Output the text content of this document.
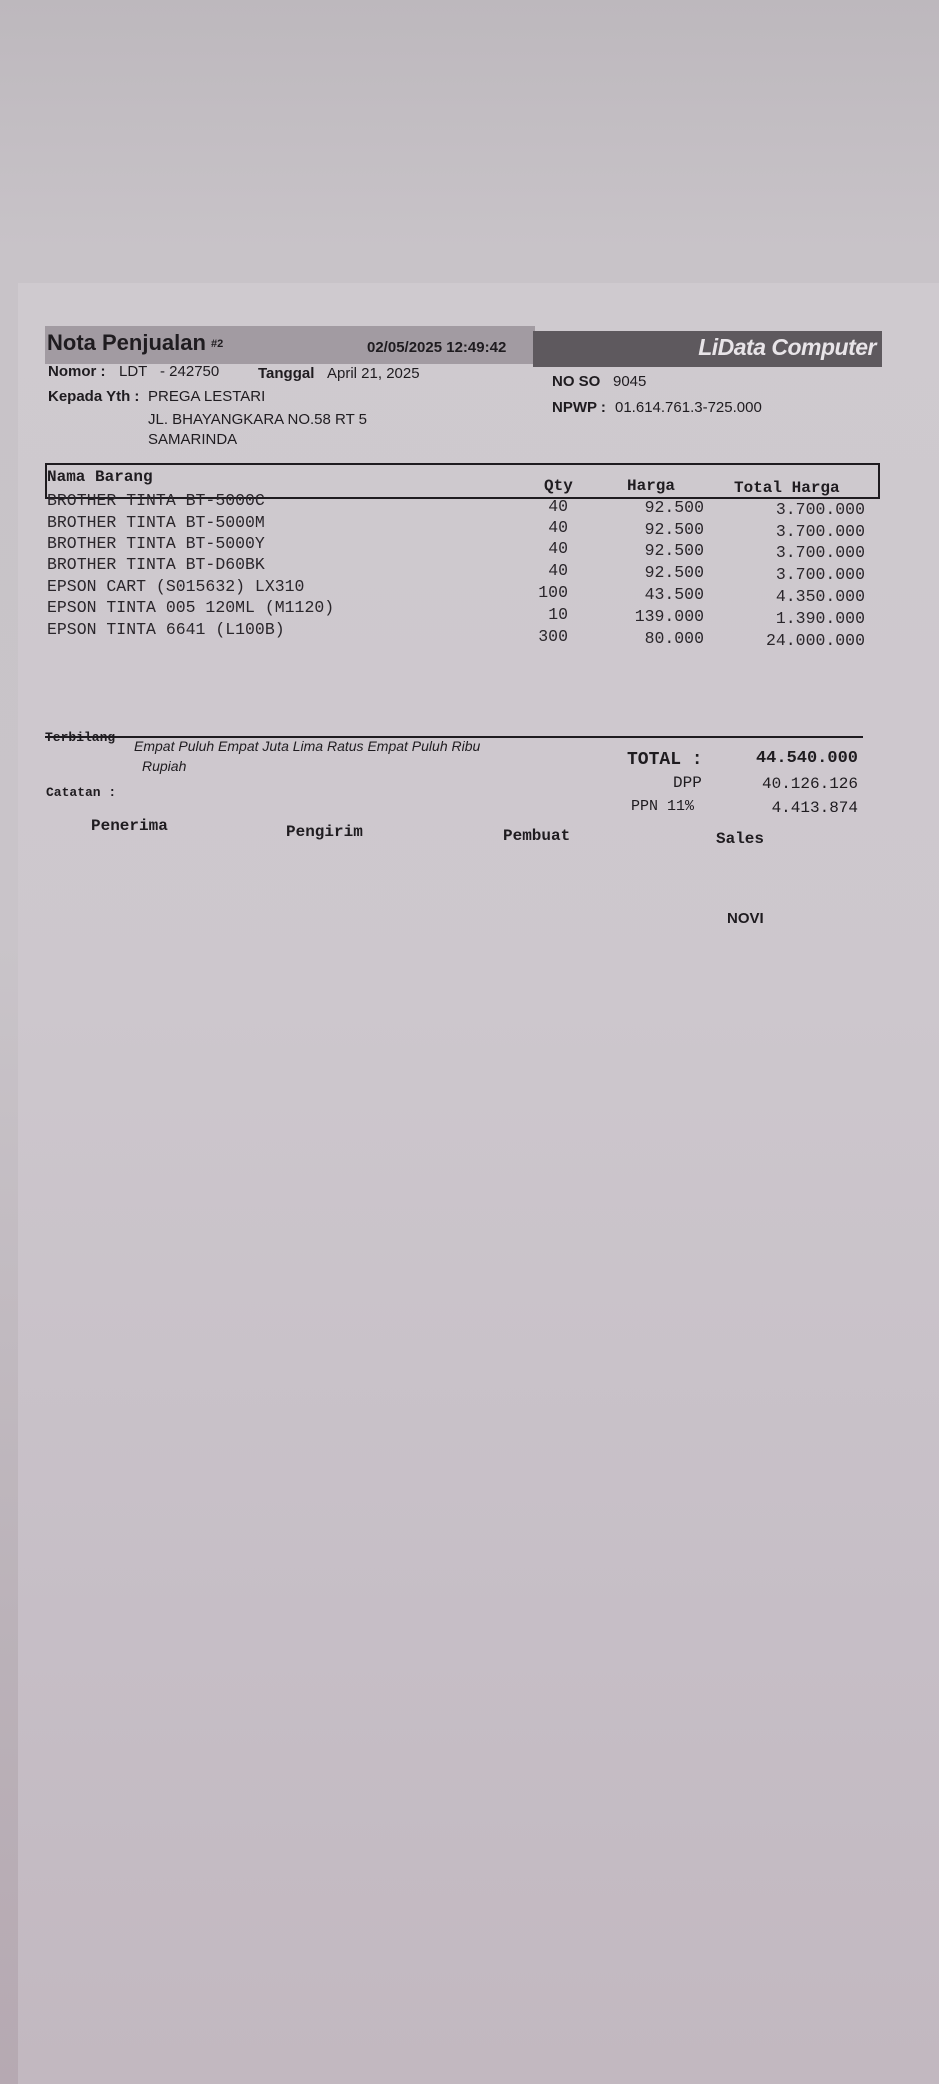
LiData Computer
Nota Penjualan #2	02/05/2025 12:49:42
Nomor : LDT - 242750	Tanggal April 21, 2025
Kepada Yth : PREGA LESTARI
JL. BHAYANGKARA NO.58 RT 5
SAMARINDA
NO SO 9045
NPWP : 01.614.761.3-725.000
Nama Barang	Qty	Harga	Total Harga
BROTHER TINTA BT-5000C	40	92.500	3.700.000
BROTHER TINTA BT-5000M	40	92.500	3.700.000
BROTHER TINTA BT-5000Y	40	92.500	3.700.000
BROTHER TINTA BT-D60BK	40	92.500	3.700.000
EPSON CART (S015632) LX310	100	43.500	4.350.000
EPSON TINTA 005 120ML (M1120)	10	139.000	1.390.000
EPSON TINTA 6641 (L100B)	300	80.000	24.000.000
Terbilang
Empat Puluh Empat Juta Lima Ratus Empat Puluh Ribu
Rupiah
Catatan :
TOTAL :	44.540.000
DPP	40.126.126
PPN 11%	4.413.874
Penerima	Pengirim	Pembuat	Sales
NOVI
